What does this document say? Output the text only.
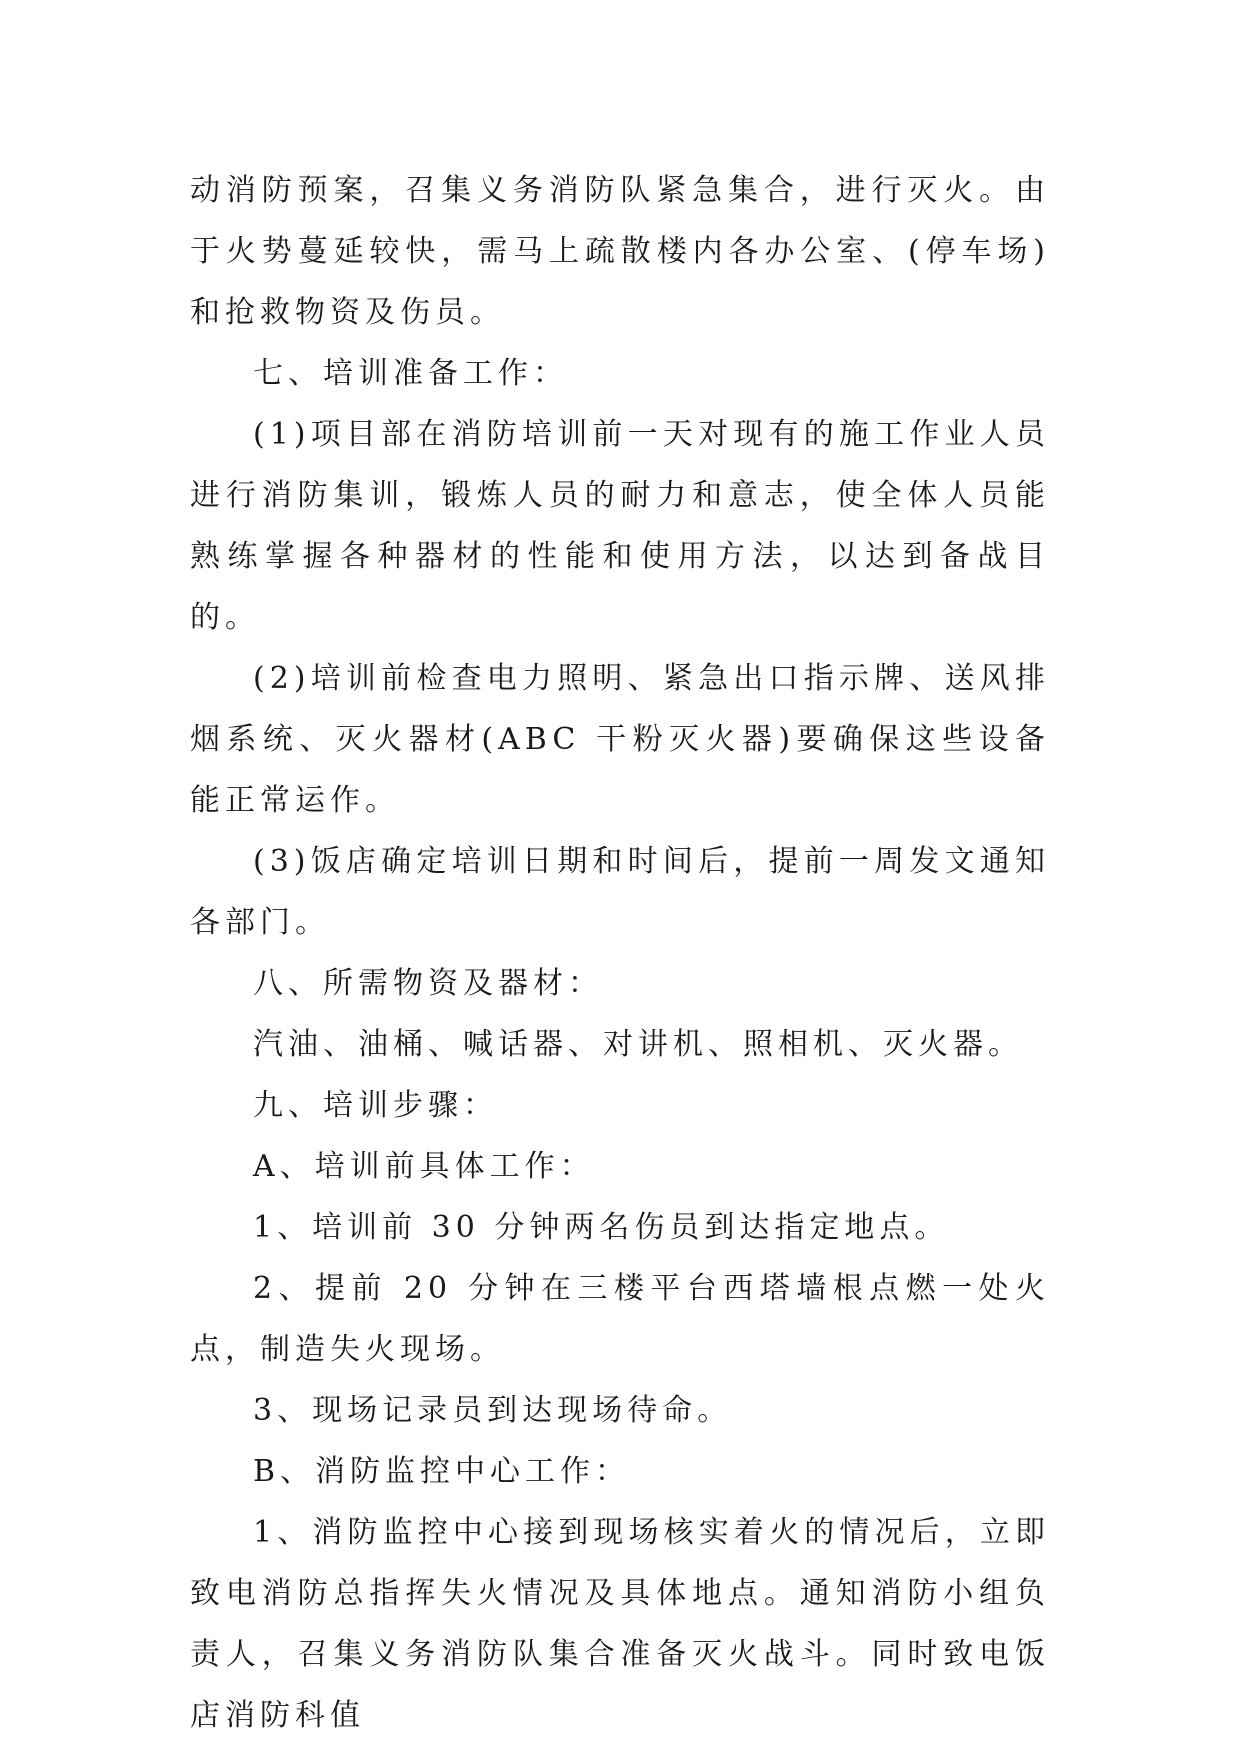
动消防预案，召集义务消防队紧急集合，进行灭火。由于火势蔓延较快，需马上疏散楼内各办公室、(停车场)和抢救物资及伤员。

七、培训准备工作：

(1)项目部在消防培训前一天对现有的施工作业人员进行消防集训，锻炼人员的耐力和意志，使全体人员能熟练掌握各种器材的性能和使用方法，以达到备战目的。

(2)培训前检查电力照明、紧急出口指示牌、送风排烟系统、灭火器材(ABC 干粉灭火器)要确保这些设备能正常运作。

(3)饭店确定培训日期和时间后，提前一周发文通知各部门。

八、所需物资及器材：

汽油、油桶、喊话器、对讲机、照相机、灭火器。

九、培训步骤：

A、培训前具体工作：

1、培训前 30 分钟两名伤员到达指定地点。

2、提前 20 分钟在三楼平台西塔墙根点燃一处火点，制造失火现场。

3、现场记录员到达现场待命。

B、消防监控中心工作：

1、消防监控中心接到现场核实着火的情况后，立即致电消防总指挥失火情况及具体地点。通知消防小组负责人，召集义务消防队集合准备灭火战斗。同时致电饭店消防科值
